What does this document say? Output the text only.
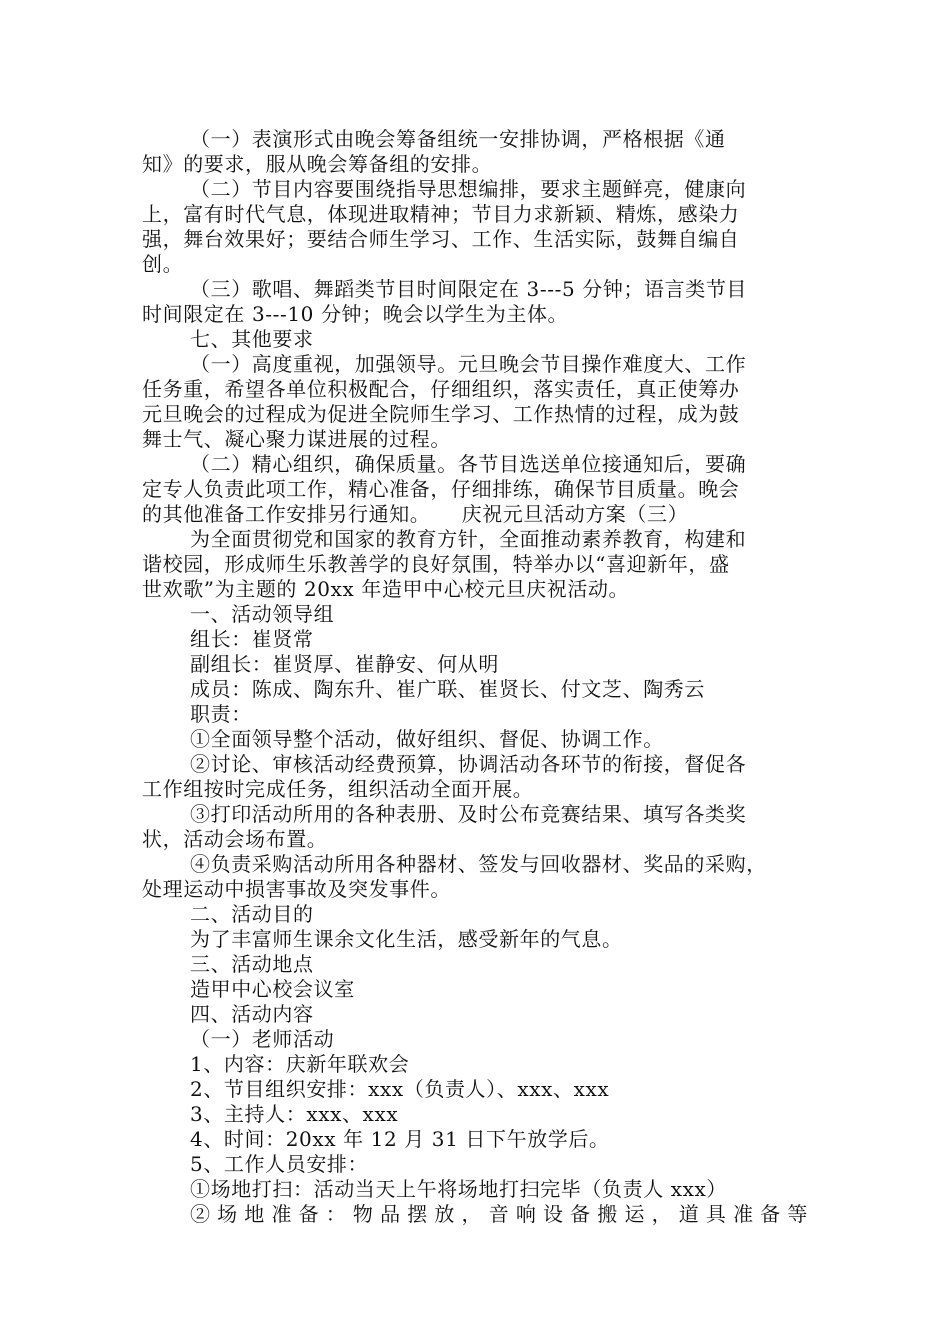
（一）表演形式由晚会筹备组统一安排协调，严格根据《通
知》的要求，服从晚会筹备组的安排。
（二）节目内容要围绕指导思想编排，要求主题鲜亮，健康向
上，富有时代气息，体现进取精神；节目力求新颖、精炼，感染力
强，舞台效果好；要结合师生学习、工作、生活实际，鼓舞自编自
创。
（三）歌唱、舞蹈类节目时间限定在 3---5 分钟；语言类节目
时间限定在 3---10 分钟；晚会以学生为主体。
七、其他要求
（一）高度重视，加强领导。元旦晚会节目操作难度大、工作
任务重，希望各单位积极配合，仔细组织，落实责任，真正使筹办
元旦晚会的过程成为促进全院师生学习、工作热情的过程，成为鼓
舞士气、凝心聚力谋进展的过程。
（二）精心组织，确保质量。各节目选送单位接通知后，要确
定专人负责此项工作，精心准备，仔细排练，确保节目质量。晚会
的其他准备工作安排另行通知。　　庆祝元旦活动方案（三）
为全面贯彻党和国家的教育方针，全面推动素养教育，构建和
谐校园，形成师生乐教善学的良好氛围，特举办以“喜迎新年，盛
世欢歌”为主题的 20xx 年造甲中心校元旦庆祝活动。
一、活动领导组
组长：崔贤常
副组长：崔贤厚、崔静安、何从明
成员：陈成、陶东升、崔广联、崔贤长、付文芝、陶秀云
职责：
①全面领导整个活动，做好组织、督促、协调工作。
②讨论、审核活动经费预算，协调活动各环节的衔接，督促各
工作组按时完成任务，组织活动全面开展。
③打印活动所用的各种表册、及时公布竞赛结果、填写各类奖
状，活动会场布置。
④负责采购活动所用各种器材、签发与回收器材、奖品的采购，
处理运动中损害事故及突发事件。
二、活动目的
为了丰富师生课余文化生活，感受新年的气息。
三、活动地点
造甲中心校会议室
四、活动内容
（一）老师活动
1、内容：庆新年联欢会
2、节目组织安排：xxx（负责人）、xxx、xxx
3、主持人：xxx、xxx
4、时间：20xx 年 12 月 31 日下午放学后。
5、工作人员安排：
①场地打扫：活动当天上午将场地打扫完毕（负责人 xxx）
②场地准备：物品摆放，音响设备搬运，道具准备等
